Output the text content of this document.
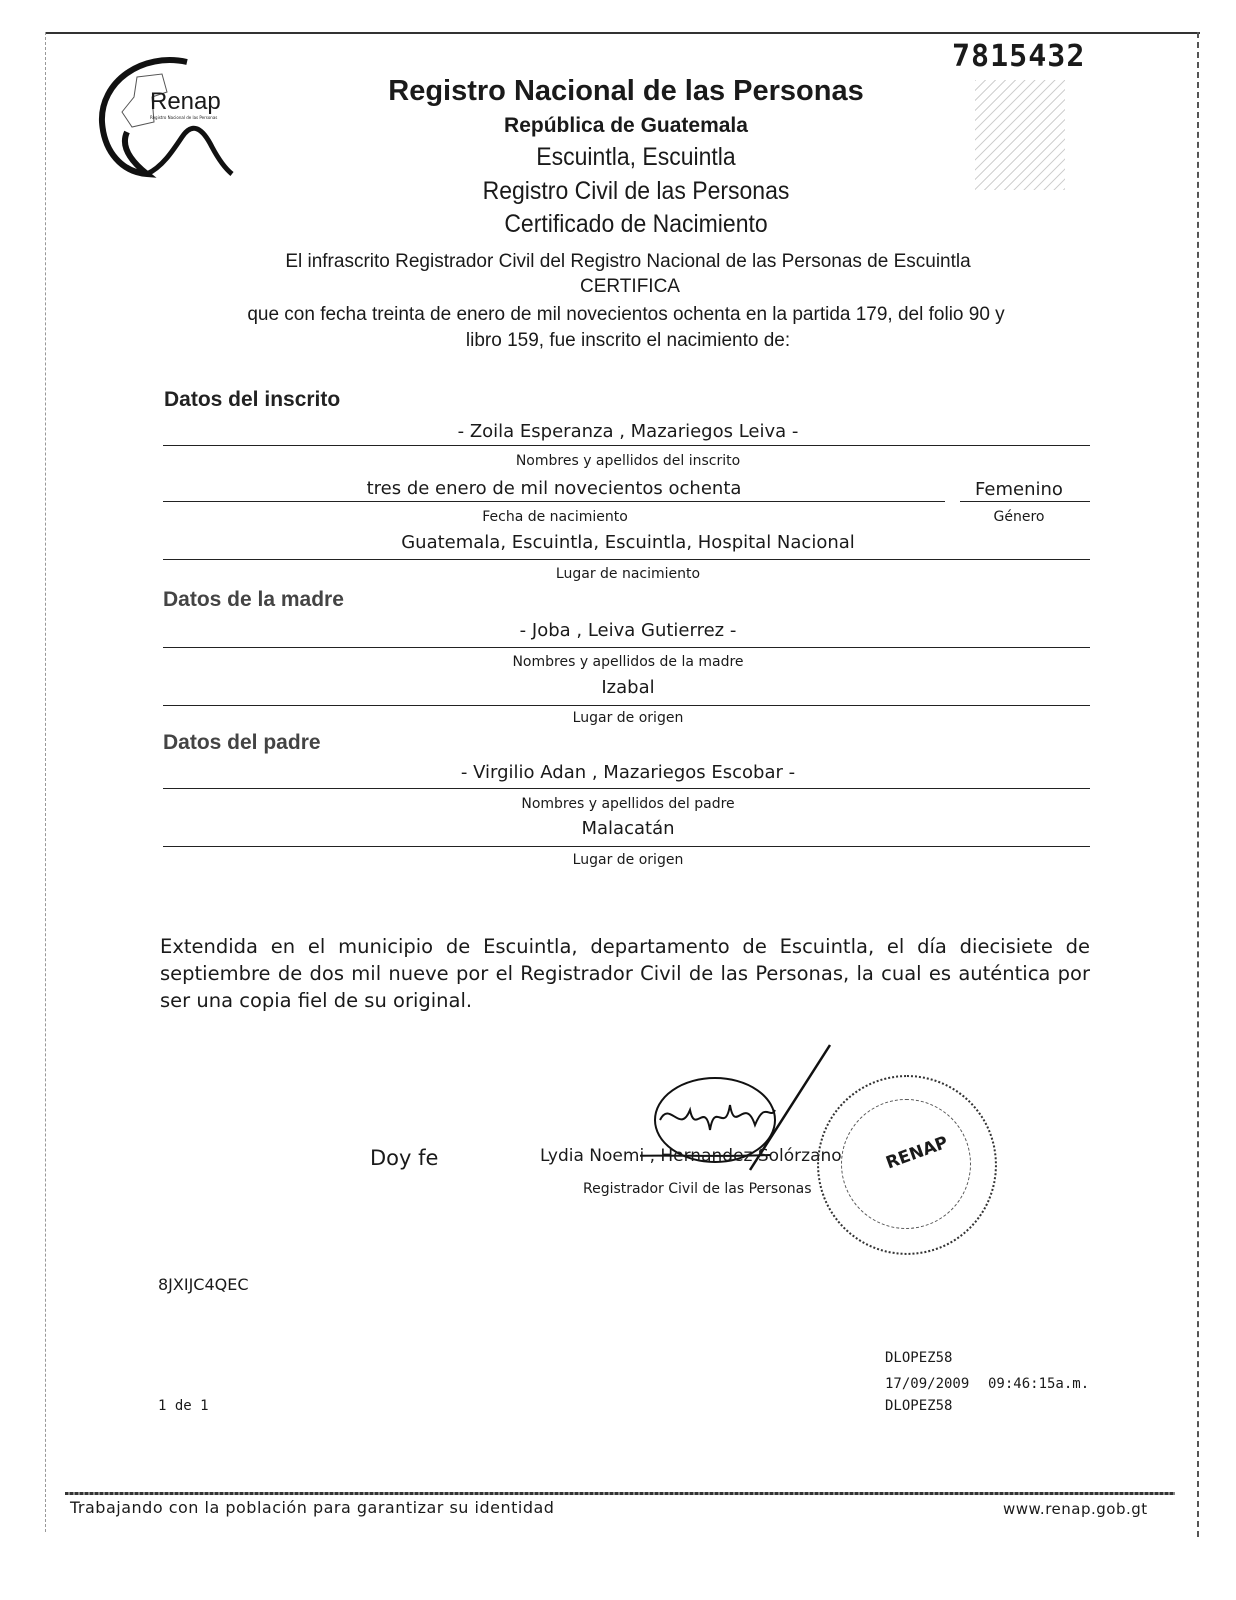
Renap
Registro Nacional de las Personas
7815432
Registro Nacional de las Personas
República de Guatemala
Escuintla, Escuintla
Registro Civil de las Personas
Certificado de Nacimiento
El infrascrito Registrador Civil del Registro Nacional de las Personas de Escuintla
CERTIFICA
que con fecha treinta de enero de mil novecientos ochenta en la partida 179, del folio 90 y
libro 159, fue inscrito el nacimiento de:
Datos del inscrito
- Zoila Esperanza , Mazariegos Leiva -
Nombres y apellidos del inscrito
tres de enero de mil novecientos ochenta	Femenino
Fecha de nacimiento	Género
Guatemala, Escuintla, Escuintla, Hospital Nacional
Lugar de nacimiento
Datos de la madre
- Joba , Leiva Gutierrez -
Nombres y apellidos de la madre
Izabal
Lugar de origen
Datos del padre
- Virgilio Adan , Mazariegos Escobar -
Nombres y apellidos del padre
Malacatán
Lugar de origen
Extendida en el municipio de Escuintla, departamento de Escuintla, el día diecisiete de septiembre de dos mil nueve por el Registrador Civil de las Personas, la cual es auténtica por ser una copia fiel de su original.
Doy fe	Lydia Noemi , Hernandez Solórzano
Registrador Civil de las Personas
RENAP
8JXIJC4QEC
DLOPEZ58
17/09/2009 09:46:15a.m.
DLOPEZ58
1 de 1
Trabajando con la población para garantizar su identidad	www.renap.gob.gt
